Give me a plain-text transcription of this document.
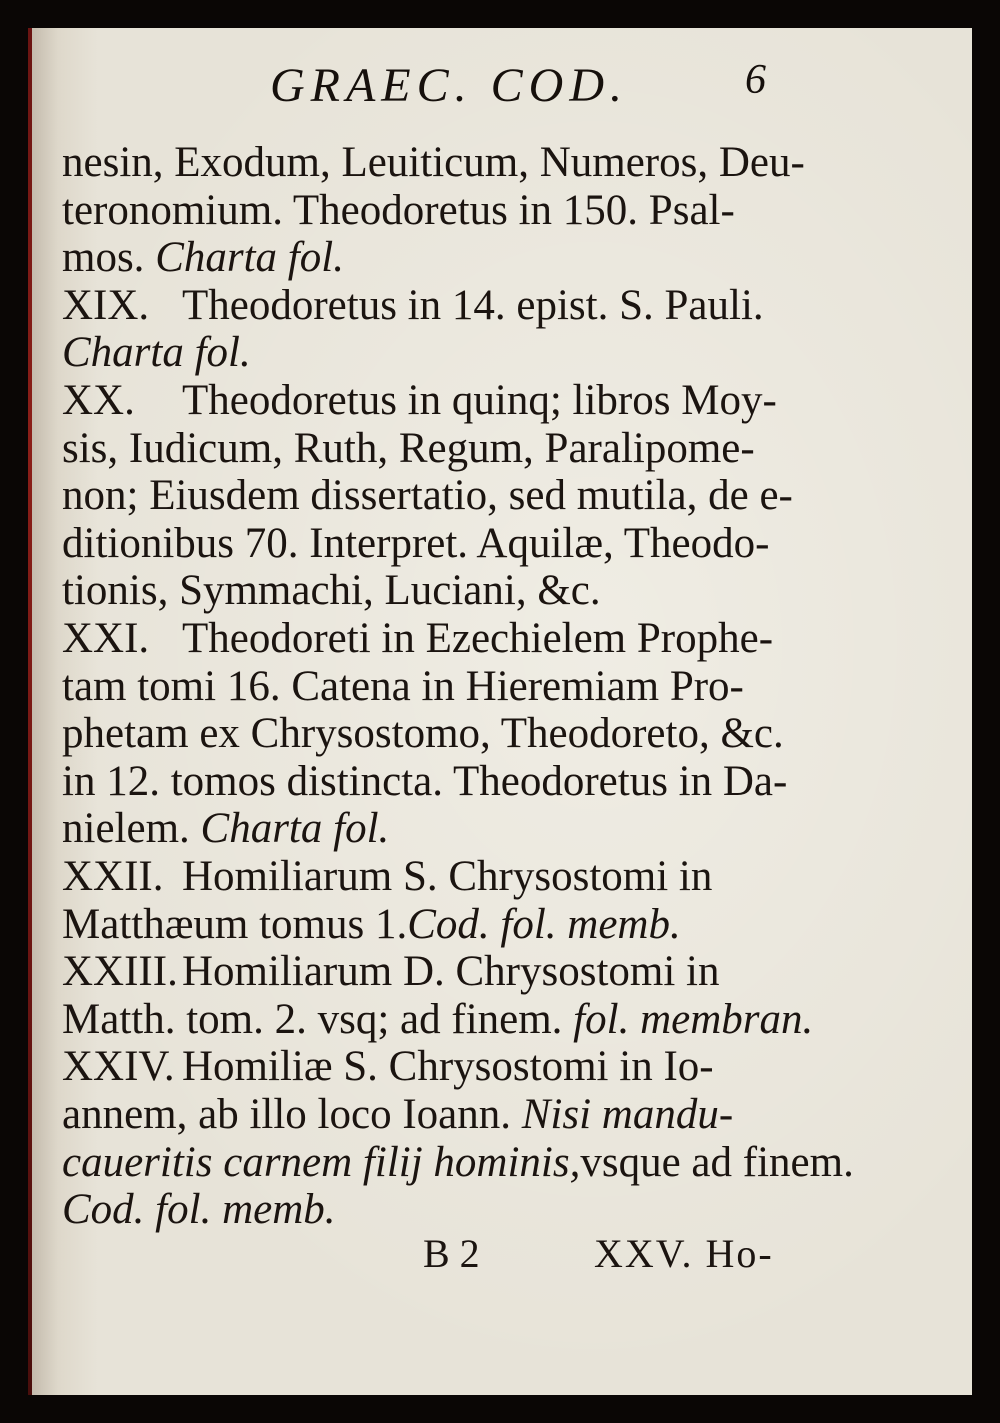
GRAEC. COD.	6
nesin, Exodum, Leuiticum, Numeros, Deu-
teronomium. Theodoretus in 150. Psal-
mos. Charta fol.
XIX. Theodoretus in 14. epist. S. Pauli.
Charta fol.
XX. Theodoretus in quinq; libros Moy-
sis, Iudicum, Ruth, Regum, Paralipome-
non; Eiusdem dissertatio, sed mutila, de e-
ditionibus 70. Interpret. Aquilæ, Theodo-
tionis, Symmachi, Luciani, &c.
XXI. Theodoreti in Ezechielem Prophe-
tam tomi 16. Catena in Hieremiam Pro-
phetam ex Chrysostomo, Theodoreto, &c.
in 12. tomos distincta. Theodoretus in Da-
nielem. Charta fol.
XXII. Homiliarum S. Chrysostomi in
Matthæum tomus 1.Cod. fol. memb.
XXIII.Homiliarum D. Chrysostomi in
Matth. tom. 2. vsq; ad finem. fol. membran.
XXIV. Homiliæ S. Chrysostomi in Io-
annem, ab illo loco Ioann. Nisi mandu-
caueritis carnem filij hominis,vsque ad finem.
Cod. fol. memb.
B 2	XXV. Ho-
